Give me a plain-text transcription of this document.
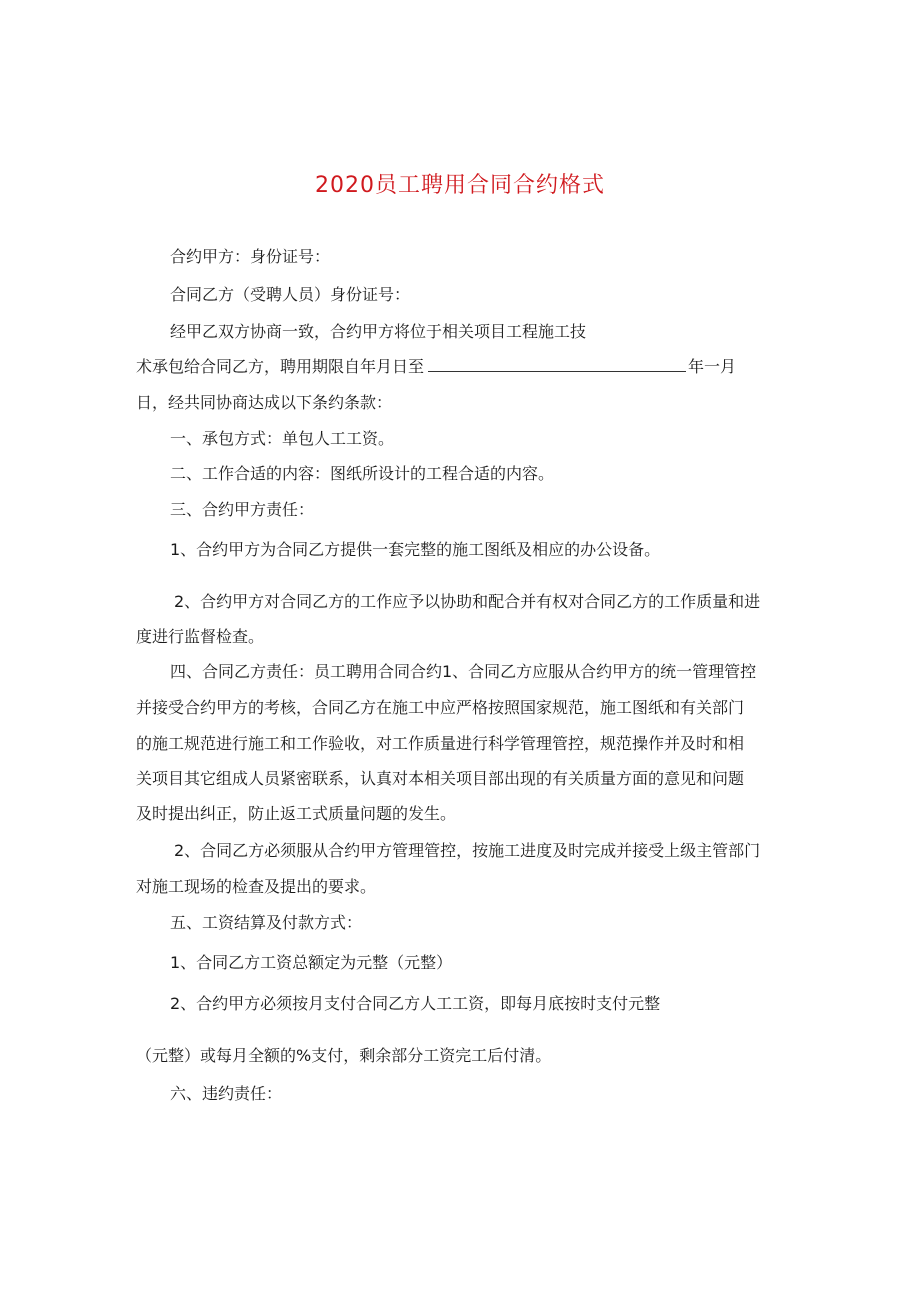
2020员工聘用合同合约格式
合约甲方：身份证号：
合同乙方（受聘人员）身份证号：
经甲乙双方协商一致，合约甲方将位于相关项目工程施工技
术承包给合同乙方，聘用期限自年月日至	年一月
日，经共同协商达成以下条约条款：
一、承包方式：单包人工工资。
二、工作合适的内容：图纸所设计的工程合适的内容。
三、合约甲方责任：
1、合约甲方为合同乙方提供一套完整的施工图纸及相应的办公设备。
2、合约甲方对合同乙方的工作应予以协助和配合并有权对合同乙方的工作质量和进
度进行监督检查。
四、合同乙方责任：员工聘用合同合约1、合同乙方应服从合约甲方的统一管理管控
并接受合约甲方的考核，合同乙方在施工中应严格按照国家规范，施工图纸和有关部门
的施工规范进行施工和工作验收，对工作质量进行科学管理管控，规范操作并及时和相
关项目其它组成人员紧密联系，认真对本相关项目部出现的有关质量方面的意见和问题
及时提出纠正，防止返工式质量问题的发生。
2、合同乙方必须服从合约甲方管理管控，按施工进度及时完成并接受上级主管部门
对施工现场的检查及提出的要求。
五、工资结算及付款方式：
1、合同乙方工资总额定为元整（元整）
2、合约甲方必须按月支付合同乙方人工工资，即每月底按时支付元整
（元整）或每月全额的%支付，剩余部分工资完工后付清。
六、违约责任：
